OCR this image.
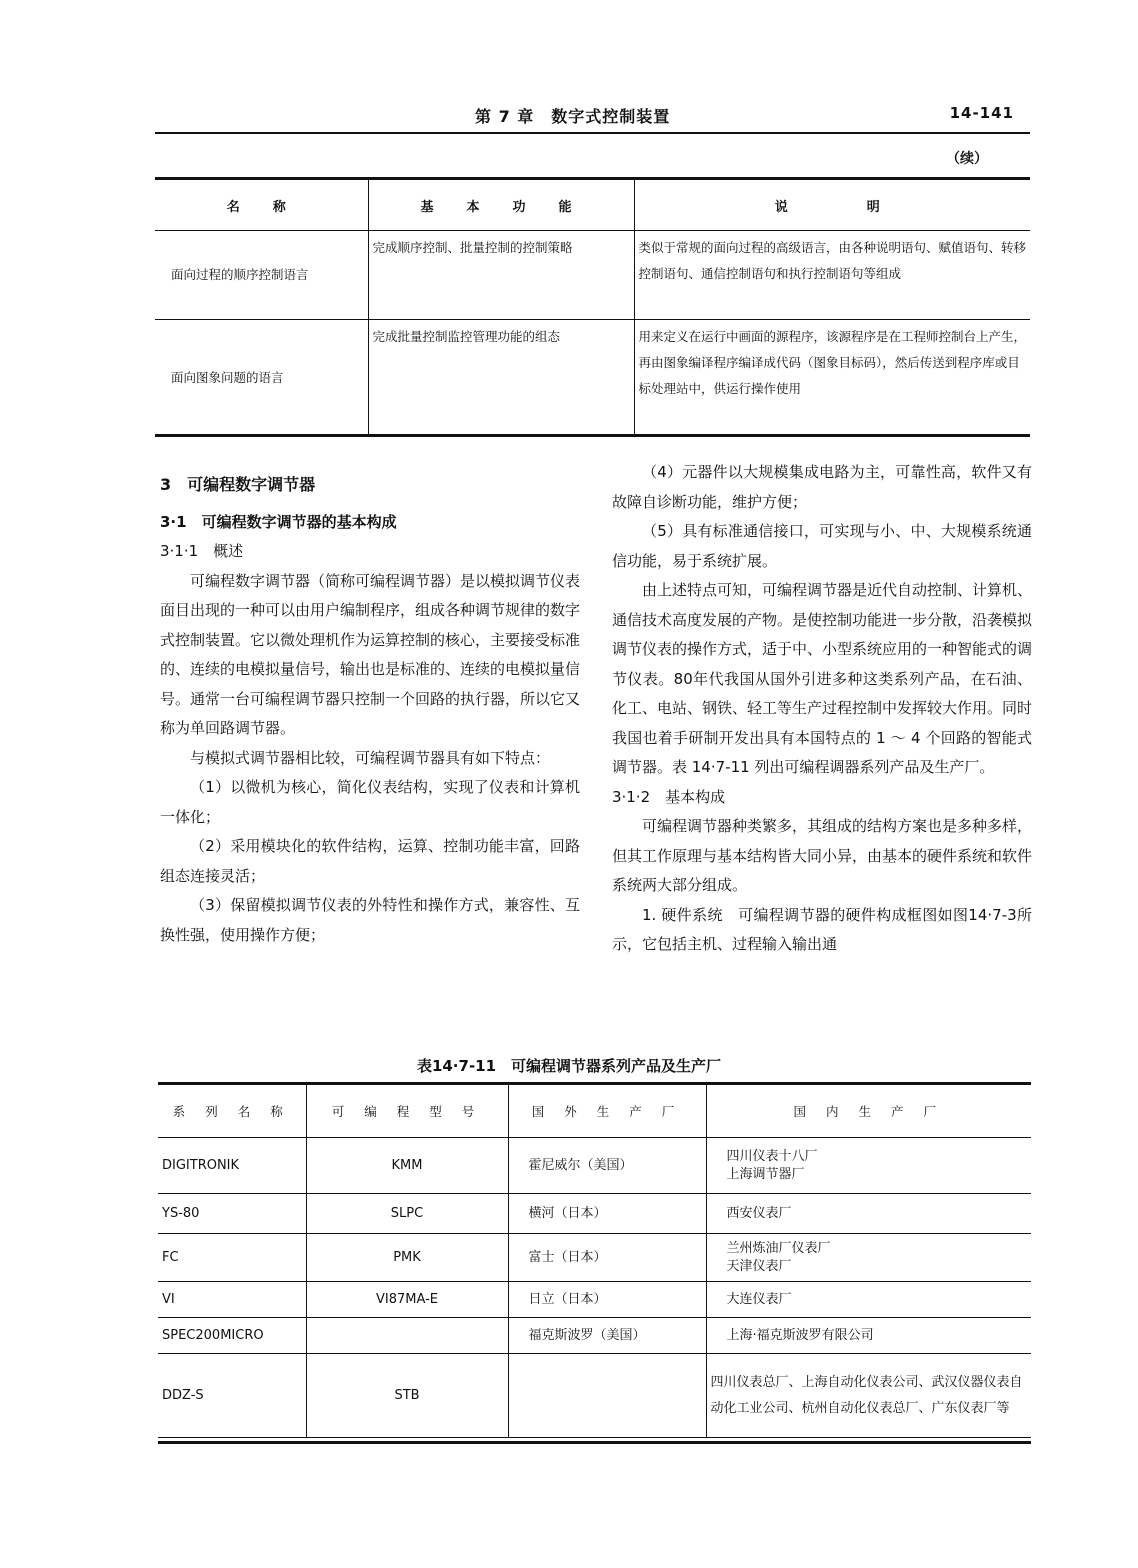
第 7 章　数字式控制装置	14-141
（续）
名　称	基　本　功　能	说　　　明
面向过程的顺序控制语言	完成顺序控制、批量控制的控制策略	类似于常规的面向过程的高级语言，由各种说明语句、赋值语句、转移控制语句、通信控制语句和执行控制语句等组成
面向图象问题的语言	完成批量控制监控管理功能的组态	用来定义在运行中画面的源程序，该源程序是在工程师控制台上产生，再由图象编译程序编译成代码（图象目标码），然后传送到程序库或目标处理站中，供运行操作使用

3　可编程数字调节器

3·1　可编程数字调节器的基本构成

3·1·1　概述

可编程数字调节器（简称可编程调节器）是以模拟调节仪表面目出现的一种可以由用户编制程序，组成各种调节规律的数字式控制装置。它以微处理机作为运算控制的核心，主要接受标准的、连续的电模拟量信号，输出也是标准的、连续的电模拟量信号。通常一台可编程调节器只控制一个回路的执行器，所以它又称为单回路调节器。

与模拟式调节器相比较，可编程调节器具有如下特点：

（1）以微机为核心，简化仪表结构，实现了仪表和计算机一体化；

（2）采用模块化的软件结构，运算、控制功能丰富，回路组态连接灵活；

（3）保留模拟调节仪表的外特性和操作方式，兼容性、互换性强，使用操作方便；

（4）元器件以大规模集成电路为主，可靠性高，软件又有故障自诊断功能，维护方便；

（5）具有标准通信接口，可实现与小、中、大规模系统通信功能，易于系统扩展。

由上述特点可知，可编程调节器是近代自动控制、计算机、通信技术高度发展的产物。是使控制功能进一步分散，沿袭模拟调节仪表的操作方式，适于中、小型系统应用的一种智能式的调节仪表。80年代我国从国外引进多种这类系列产品，在石油、化工、电站、钢铁、轻工等生产过程控制中发挥较大作用。同时我国也着手研制开发出具有本国特点的 1 ～ 4 个回路的智能式调节器。表 14·7-11 列出可编程调器系列产品及生产厂。

3·1·2　基本构成

可编程调节器种类繁多，其组成的结构方案也是多种多样，但其工作原理与基本结构皆大同小异，由基本的硬件系统和软件系统两大部分组成。

1. 硬件系统　可编程调节器的硬件构成框图如图14·7-3所示，它包括主机、过程输入输出通

表14·7-11　可编程调节器系列产品及生产厂
系 列 名 称	可 编 程 型 号	国 外 生 产 厂	国 内 生 产 厂
DIGITRONIK	KMM	霍尼威尔（美国）	四川仪表十八厂
上海调节器厂

YS-80	SLPC	横河（日本）	西安仪表厂

FC	PMK	富士（日本）	兰州炼油厂仪表厂
天津仪表厂

VI	VI87MA-E	日立（日本）	大连仪表厂

SPEC200MICRO		福克斯波罗（美国）	上海·福克斯波罗有限公司

DDZ-S	STB		四川仪表总厂、上海自动化仪表公司、武汉仪器仪表自动化工业公司、杭州自动化仪表总厂、广东仪表厂等
